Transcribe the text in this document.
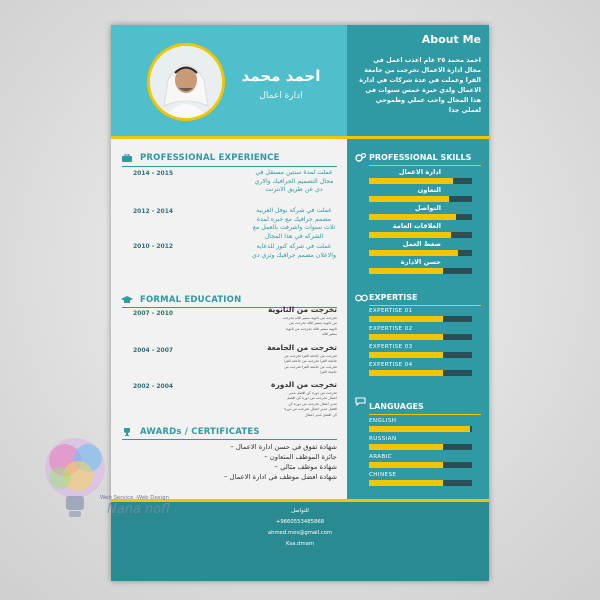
احمد محمد
ادارة اعمال
About Me
احمد محمد ٢٥ عام اعذب اعمل في مجال ادارة الاعمال تخرجت من جامعة القرا وعملت في عدة شركات في ادارة الاعمال ولدي خبرة خمس سنوات في هذا المجال واحب عملي وطموحي لعملي جدا
PROFESSIONAL EXPERIENCE
2014 - 2015	عملت لمدة سنتين مستقل في مجال التصميم الجرافيك والاري دي عن طريق الانترنت
2012 - 2014	عملت في شركة نوفل العربية مصمم جرافيك مع خبره لمدة ثلاث سنوات واشرفت بالعمل مع الشركه في هذا المجال
2010 - 2012	عملت في شركة كنوز للدعاية والاعلان مصمم جرافيك وثري دي
FORMAL EDUCATION
2007 - 2010	تخرجت من الثانوية
تخرجت من ثانوية سمير قالد تخرجت من ثانوية سمير قالد تخرجت من ثانوية سمير قالد تخرجت من ثانوية سمير قالد
2004 - 2007	تخرجت من الجامعة
تخرجت من جامعة القرا تخرجت من جامعة القرا تخرجت من جامعة القرا تخرجت من جامعة القرا تخرجت من جامعة القرا
2002 - 2004	تخرجت من الدورة
تخرجت من دورة كن افضل مدير اعمال تخرجت من دورة كن افضل مدير اعمال تخرجت من دورة كن افضل مدير اعمال تخرجت من دورة كن افضل مدير اعمال
AWARDs / CERTIFICATES
شهادة تفوق في حسن ادارة الاعمال –
جائزة الموظف المتعاون –
شهادة موظف مثالي –
شهادة افضل موظف في ادارة الاعمال –
PROFESSIONAL SKILLS
ادارة الاعمال
التعاون
التواصل
العلاقات العامة
ضغط العمل
حسن الادارة
EXPERTISE
EXPERTISE 01
EXPERTISE 02
EXPERTISE 03
EXPERTISE 04
LANGUAGES
ENGLISH
RUSSIAN
ARABIC
CHINESE
للتواصل
+9660553485868
ahmed.mes@gmail.com
Ksa.dmam
Web Service -Web Design
Nana nofl
